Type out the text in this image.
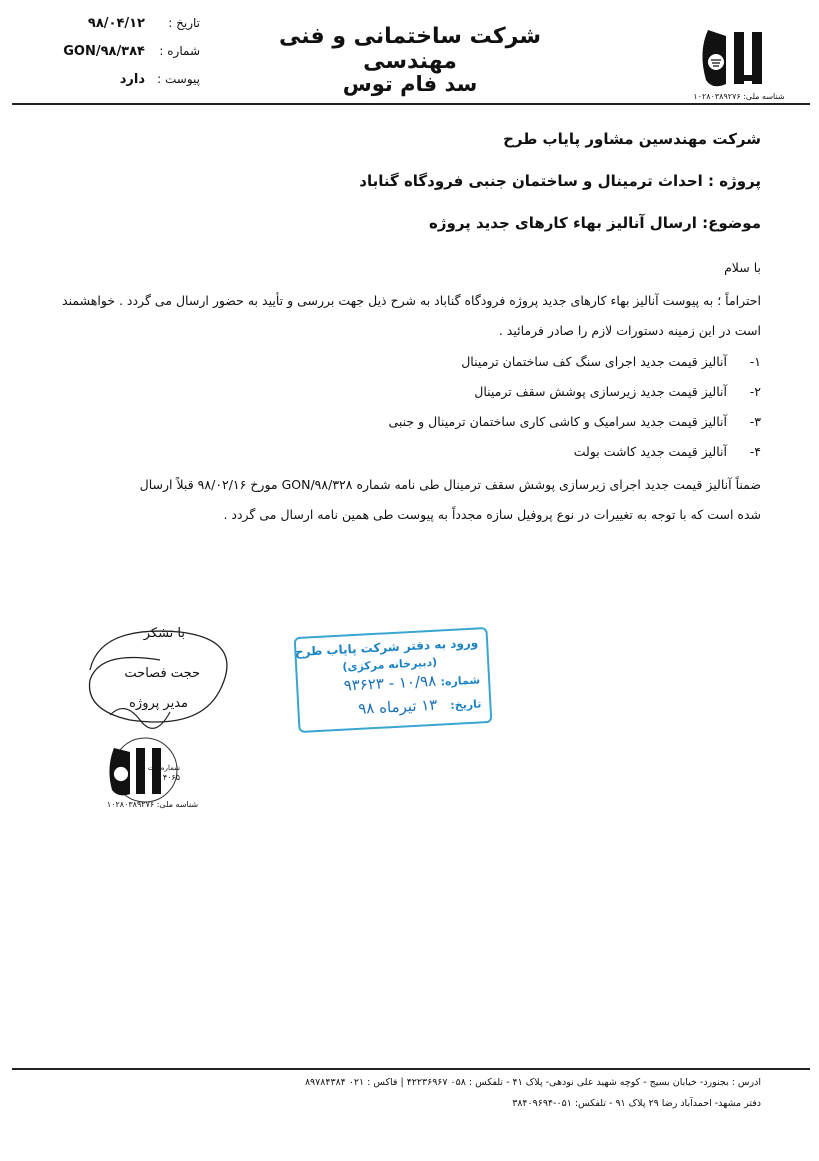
شرکت ساختمانی و فنی مهندسی
سد فام توس
تاریخ :
۹۸/۰۴/۱۲
شماره :
GON/۹۸/۳۸۴
پیوست :
دارد
شناسه ملی: ۱۰۲۸۰۳۸۹۲۷۶
شرکت مهندسین مشاور پایاب طرح
پروژه : احداث ترمینال و ساختمان جنبی فرودگاه گناباد
موضوع: ارسال آنالیز بهاء کارهای جدید پروژه
با سلام
احتراماً ؛ به پیوست آنالیز بهاء کارهای جدید پروژه فرودگاه گناباد به شرح ذیل جهت بررسی و تأیید به حضور ارسال می گردد . خواهشمند
است در این زمینه دستورات لازم را صادر فرمائید .
۱-آنالیز قیمت جدید اجرای سنگ کف ساختمان ترمینال
۲-آنالیز قیمت جدید زیرسازی پوشش سقف ترمینال
۳-آنالیز قیمت جدید سرامیک و کاشی کاری ساختمان ترمینال و جنبی
۴-آنالیز قیمت جدید کاشت بولت
ضمناً آنالیز قیمت جدید اجرای زیرسازی پوشش سقف ترمینال طی نامه شماره GON/۹۸/۳۲۸ مورخ ۹۸/۰۲/۱۶ قبلاً ارسال
شده است که با توجه به تغییرات در نوع پروفیل سازه مجدداً به پیوست طی همین نامه ارسال می گردد .
با تشکر
حجت فصاحت
مدیر پروژه
شماره ثبت
۴۰۶۵
شناسه ملی: ۱۰۲۸۰۳۸۹۲۷۶
ورود به دفتر شرکت پایاب طرح
(دبیرخانه مرکزی)
شماره:
۱۰/۹۸ - ۹۳۶۲۳
تاریخ:
۱۳ تیرماه ۹۸
ادرس : بجنورد- خیابان بسیج - کوچه شهید علی نودهی- پلاک ۴۱ - تلفکس : ۰۵۸ ۴۲۲۳۶۹۶۷ | فاکس : ۰۲۱ ۸۹۷۸۴۳۸۴
دفتر مشهد- احمدآباد رضا ۲۹ پلاک ۹۱ - تلفکس: ۰۵۱-۳۸۴۰۹۶۹۴
